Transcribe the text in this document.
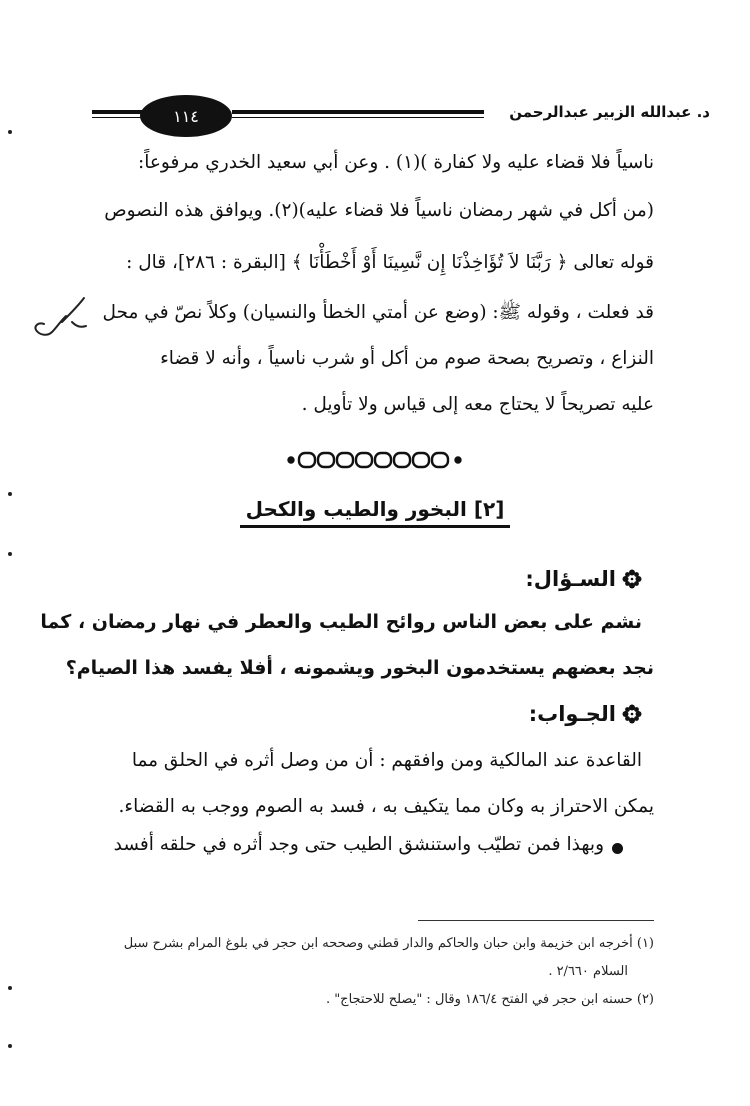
د. عبدالله الزبير عبدالرحمن
١١٤
ناسياً فلا قضاء عليه ولا كفارة )(١) . وعن أبي سعيد الخدري مرفوعاً:
(من أكل في شهر رمضان ناسياً فلا قضاء عليه)(٢). ويوافق هذه النصوص
قوله تعالى ﴿ رَبَّنَا لاَ تُؤَاخِذْنَا إِن نَّسِينَا أَوْ أَخْطَأْنَا ﴾ [البقرة : ٢٨٦]، قال :
قد فعلت ، وقوله ﷺ: (وضع عن أمتي الخطأ والنسيان) وكلاً نصّ في محل
النزاع ، وتصريح بصحة صوم من أكل أو شرب ناسياً ، وأنه لا قضاء
عليه تصريحاً لا يحتاج معه إلى قياس ولا تأويل .
[٢] البخور والطيب والكحل
السـؤال:
نشم على بعض الناس روائح الطيب والعطر في نهار رمضان ، كما
نجد بعضهم يستخدمون البخور ويشمونه ، أفلا يفسد هذا الصيام؟
الجـواب:
القاعدة عند المالكية ومن وافقهم : أن من وصل أثره في الحلق مما
يمكن الاحتراز به وكان مما يتكيف به ، فسد به الصوم ووجب به القضاء.
وبهذا فمن تطيّب واستنشق الطيب حتى وجد أثره في حلقه أفسد
(١) أخرجه ابن خزيمة وابن حبان والحاكم والدار قطني وصححه ابن حجر في بلوغ المرام بشرح سبل
السلام ٢/٦٦٠ .
(٢) حسنه ابن حجر في الفتح ١٨٦/٤ وقال : "يصلح للاحتجاج" .
